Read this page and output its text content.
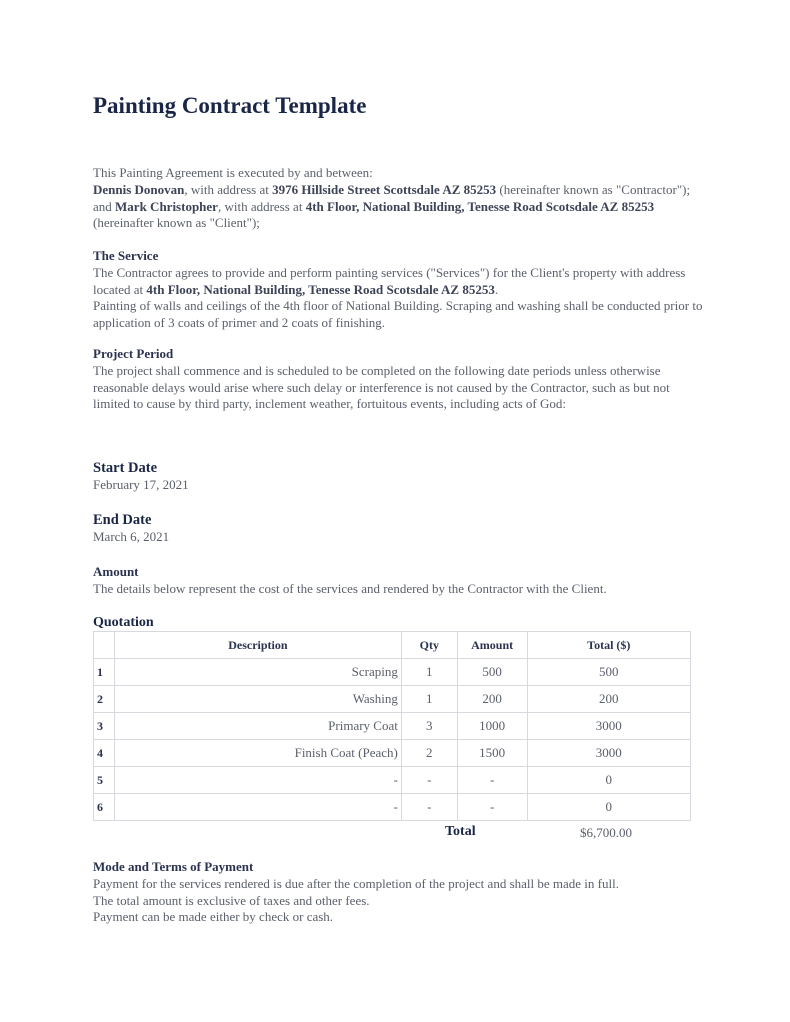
Painting Contract Template

This Painting Agreement is executed by and between:

Dennis Donovan, with address at 3976 Hillside Street Scottsdale AZ 85253 (hereinafter known as "Contractor"); and Mark Christopher, with address at 4th Floor, National Building, Tenesse Road Scotsdale AZ 85253 (hereinafter known as "Client");

The Service

The Contractor agrees to provide and perform painting services ("Services") for the Client's property with address located at 4th Floor, National Building, Tenesse Road Scotsdale AZ 85253.

Painting of walls and ceilings of the 4th floor of National Building. Scraping and washing shall be conducted prior to application of 3 coats of primer and 2 coats of finishing.

Project Period

The project shall commence and is scheduled to be completed on the following date periods unless otherwise reasonable delays would arise where such delay or interference is not caused by the Contractor, such as but not limited to cause by third party, inclement weather, fortuitous events, including acts of God:

Start Date

February 17, 2021

End Date

March 6, 2021

Amount

The details below represent the cost of the services and rendered by the Contractor with the Client.

Quotation
	Description	Qty	Amount	Total ($)
1	Scraping	1	500	500
2	Washing	1	200	200
3	Primary Coat	3	1000	3000
4	Finish Coat (Peach)	2	1500	3000
5	-	-	-	0
6	-	-	-	0
Total	$6,700.00

Mode and Terms of Payment

Payment for the services rendered is due after the completion of the project and shall be made in full.

The total amount is exclusive of taxes and other fees.

Payment can be made either by check or cash.
